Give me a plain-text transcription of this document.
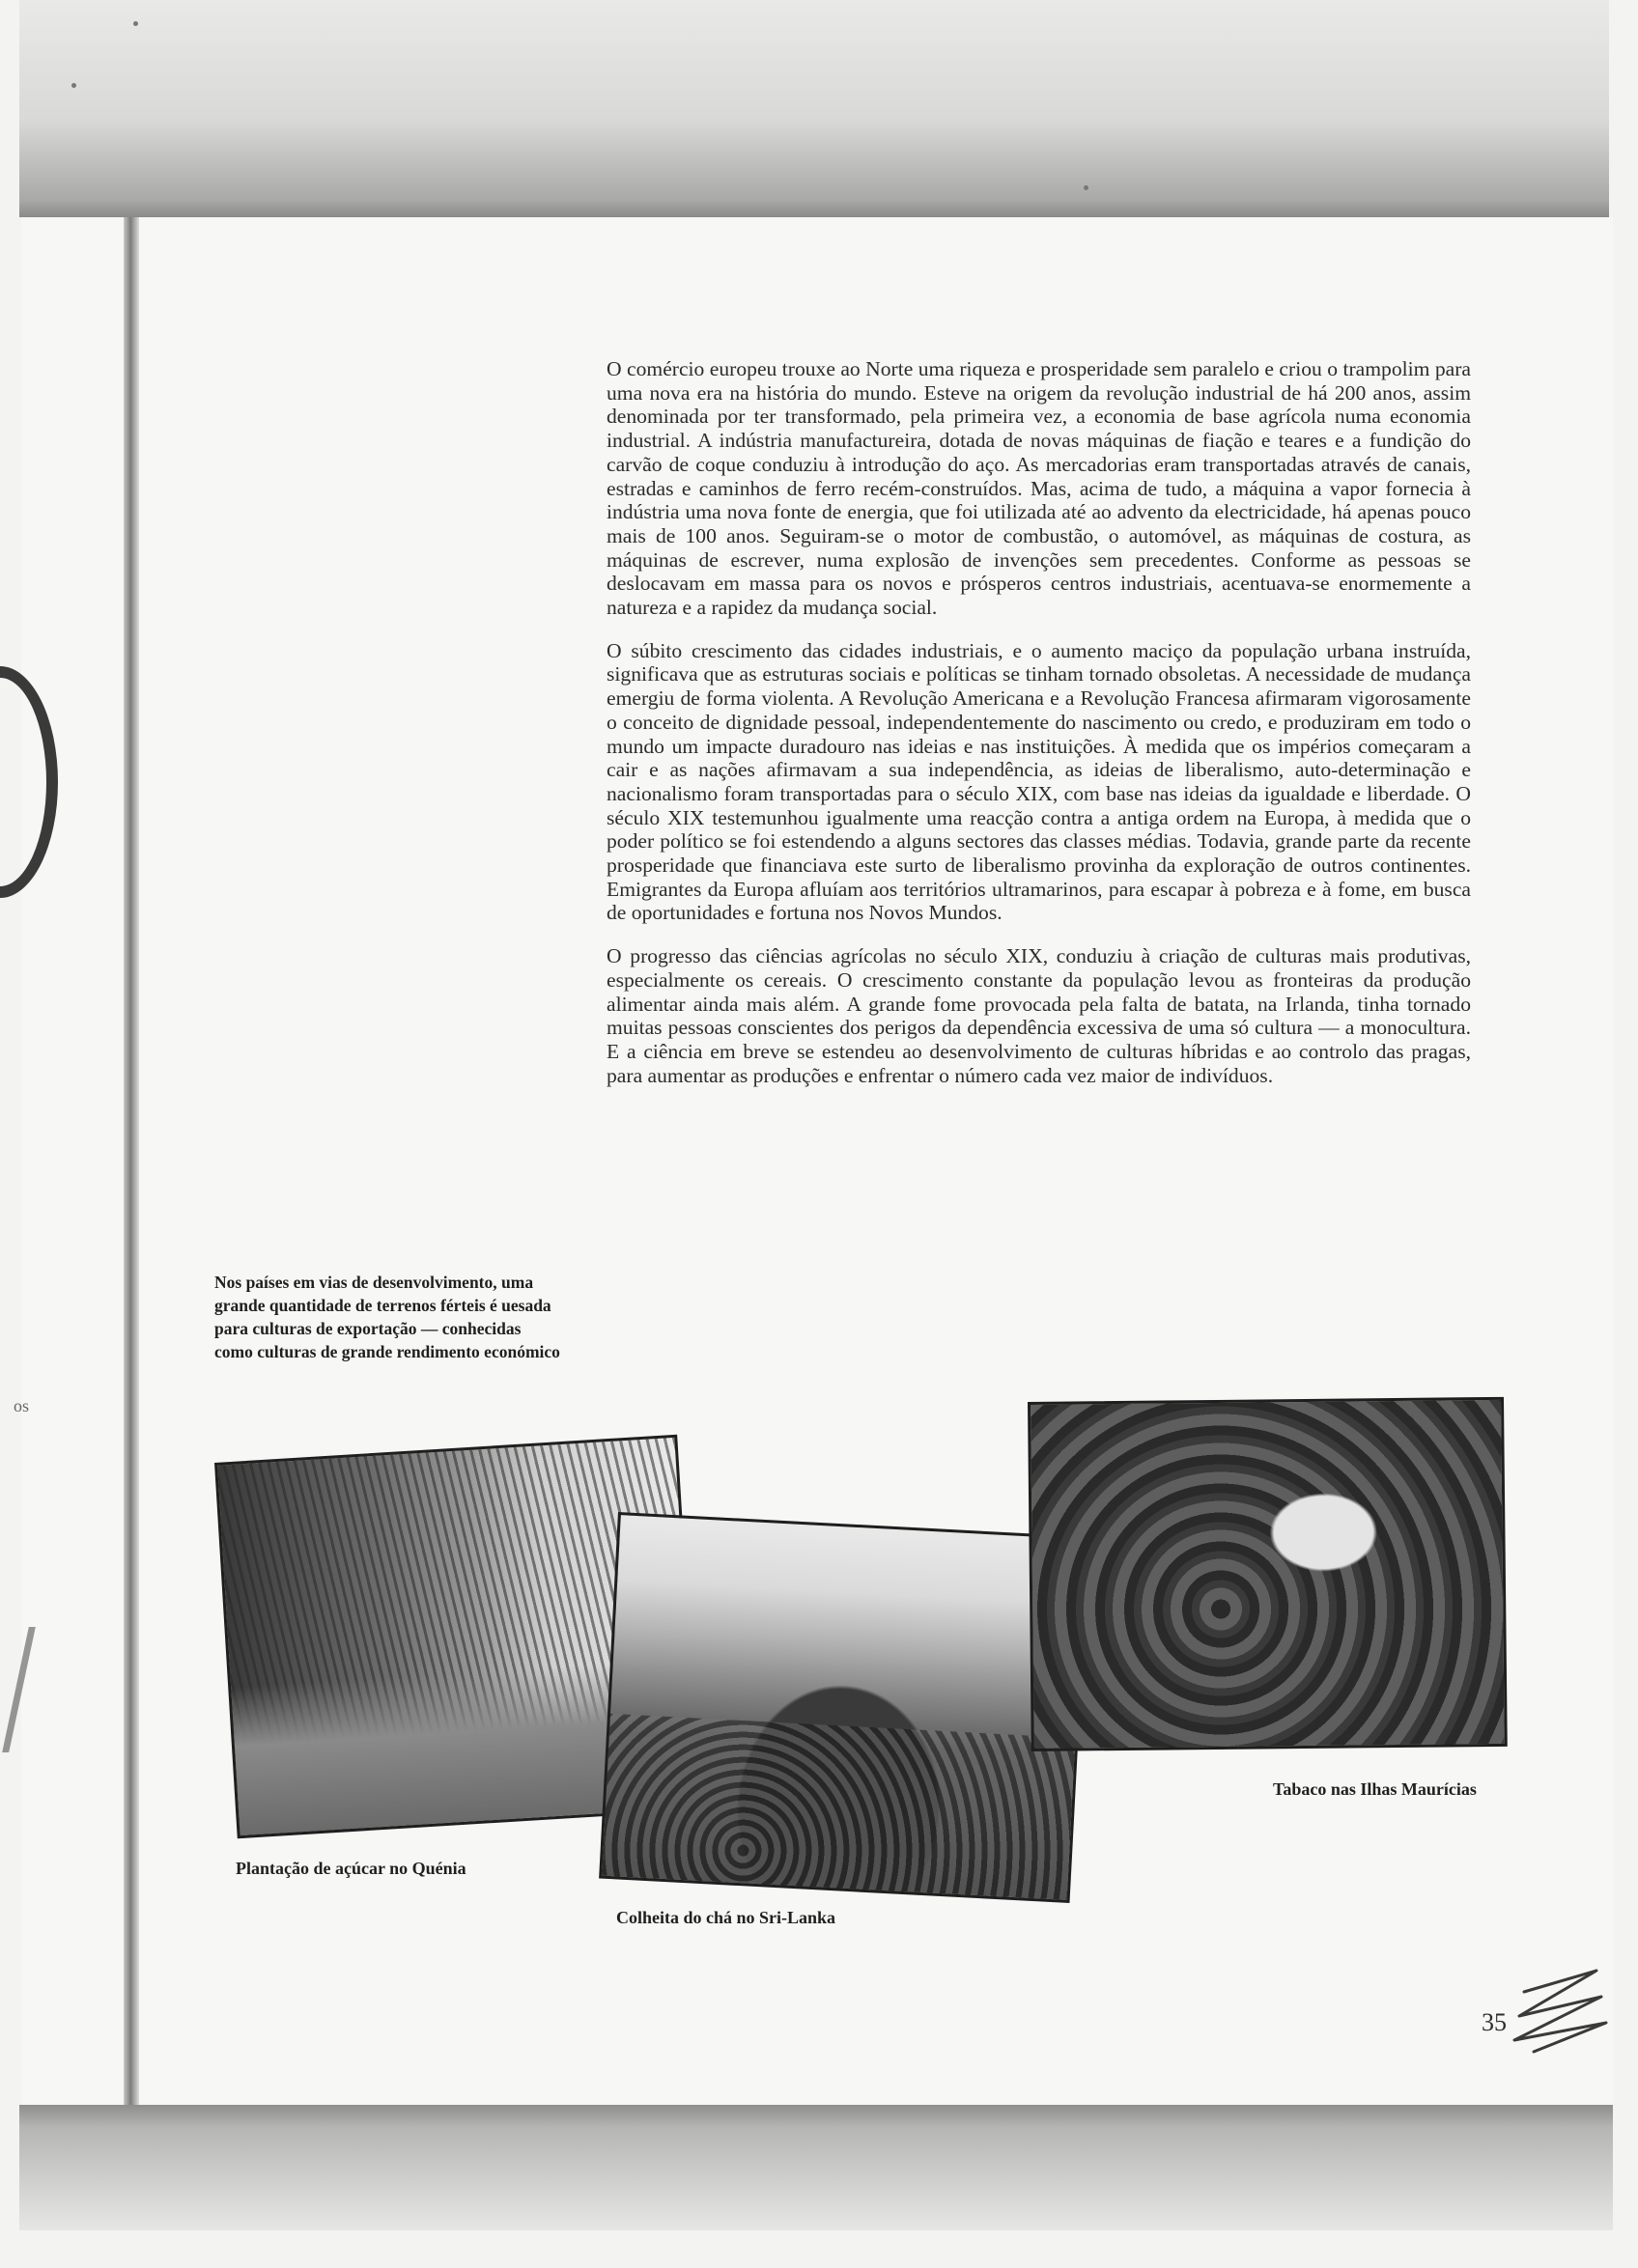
os

O comércio europeu trouxe ao Norte uma riqueza e prosperidade sem paralelo e criou o trampolim para uma nova era na história do mundo. Esteve na origem da revolução industrial de há 200 anos, assim denominada por ter transformado, pela primeira vez, a economia de base agrícola numa economia industrial. A indústria manufactureira, dotada de novas máquinas de fiação e teares e a fundição do carvão de coque conduziu à introdução do aço. As mercadorias eram transportadas através de canais, estradas e caminhos de ferro recém-construídos. Mas, acima de tudo, a máquina a vapor fornecia à indústria uma nova fonte de energia, que foi utilizada até ao advento da electricidade, há apenas pouco mais de 100 anos. Seguiram-se o motor de combustão, o automóvel, as máquinas de costura, as máquinas de escrever, numa explosão de invenções sem precedentes. Conforme as pessoas se deslocavam em massa para os novos e prósperos centros industriais, acentuava-se enormemente a natureza e a rapidez da mudança social.

O súbito crescimento das cidades industriais, e o aumento maciço da população urbana instruída, significava que as estruturas sociais e políticas se tinham tornado obsoletas. A necessidade de mudança emergiu de forma violenta. A Revolução Americana e a Revolução Francesa afirmaram vigorosamente o conceito de dignidade pessoal, independentemente do nascimento ou credo, e produziram em todo o mundo um impacte duradouro nas ideias e nas instituições. À medida que os impérios começaram a cair e as nações afirmavam a sua independência, as ideias de liberalismo, auto-determinação e nacionalismo foram transportadas para o século XIX, com base nas ideias da igualdade e liberdade. O século XIX testemunhou igualmente uma reacção contra a antiga ordem na Europa, à medida que o poder político se foi estendendo a alguns sectores das classes médias. Todavia, grande parte da recente prosperidade que financiava este surto de liberalismo provinha da exploração de outros continentes. Emigrantes da Europa afluíam aos territórios ultramarinos, para escapar à pobreza e à fome, em busca de oportunidades e fortuna nos Novos Mundos.

O progresso das ciências agrícolas no século XIX, conduziu à criação de culturas mais produtivas, especialmente os cereais. O crescimento constante da população levou as fronteiras da produção alimentar ainda mais além. A grande fome provocada pela falta de batata, na Irlanda, tinha tornado muitas pessoas conscientes dos perigos da dependência excessiva de uma só cultura — a monocultura. E a ciência em breve se estendeu ao desenvolvimento de culturas híbridas e ao controlo das pragas, para aumentar as produções e enfrentar o número cada vez maior de indivíduos.

Nos países em vias de desenvolvimento, uma grande quantidade de terrenos férteis é uesada para culturas de exportação — conhecidas como culturas de grande rendimento económico
Plantação de açúcar no Quénia
Colheita do chá no Sri-Lanka
Tabaco nas Ilhas Maurícias
35
